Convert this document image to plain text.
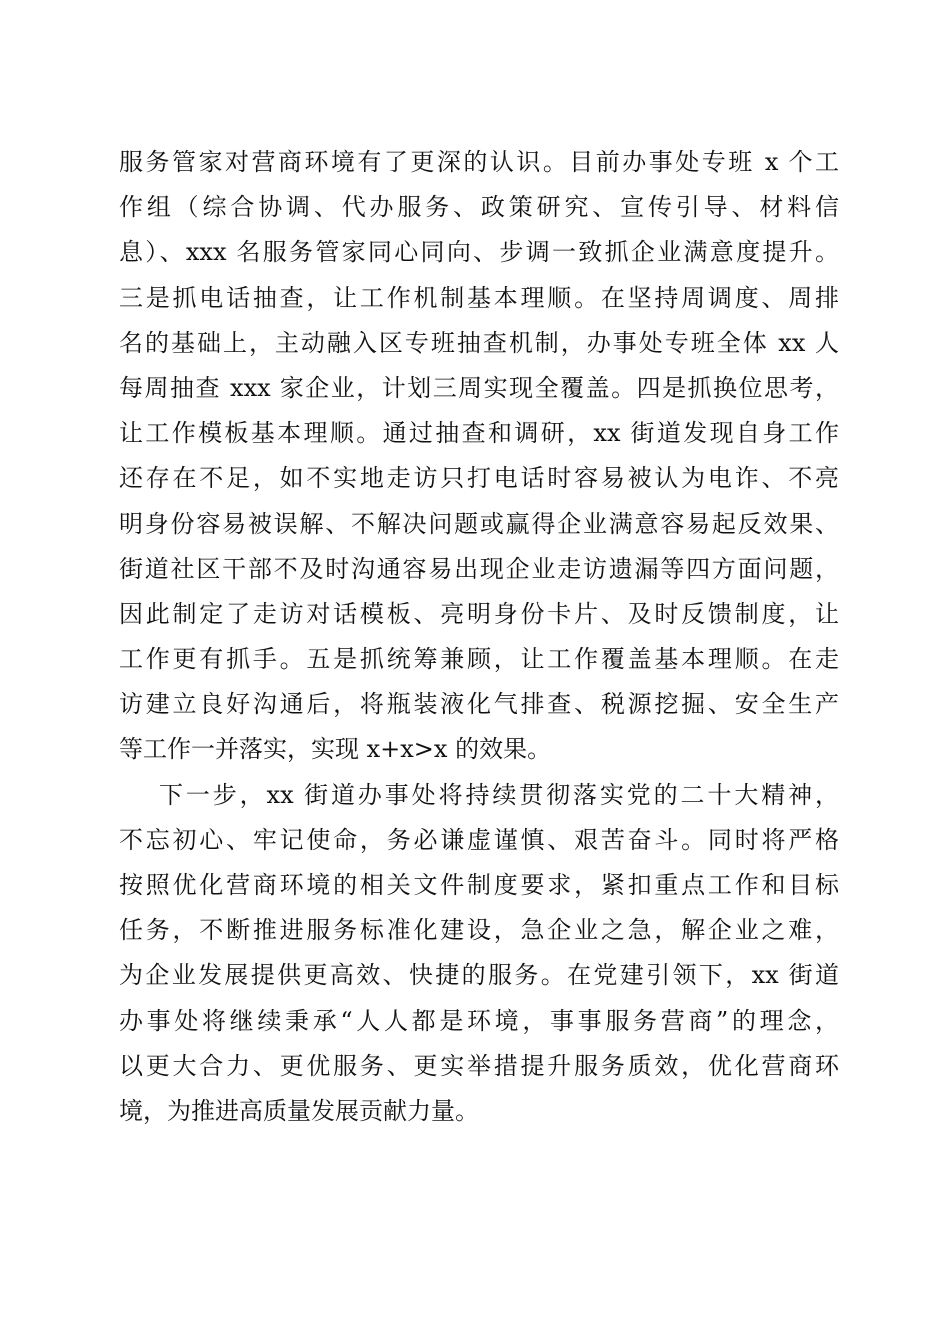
服务管家对营商环境有了更深的认识。目前办事处专班 x 个工
作组（综合协调、代办服务、政策研究、宣传引导、材料信
息）、xxx 名服务管家同心同向、步调一致抓企业满意度提升。
三是抓电话抽查，让工作机制基本理顺。在坚持周调度、周排
名的基础上，主动融入区专班抽查机制，办事处专班全体 xx 人
每周抽查 xxx 家企业，计划三周实现全覆盖。四是抓换位思考，
让工作模板基本理顺。通过抽查和调研，xx 街道发现自身工作
还存在不足，如不实地走访只打电话时容易被认为电诈、不亮
明身份容易被误解、不解决问题或赢得企业满意容易起反效果、
街道社区干部不及时沟通容易出现企业走访遗漏等四方面问题，
因此制定了走访对话模板、亮明身份卡片、及时反馈制度，让
工作更有抓手。五是抓统筹兼顾，让工作覆盖基本理顺。在走
访建立良好沟通后，将瓶装液化气排查、税源挖掘、安全生产
等工作一并落实，实现 x+x>x 的效果。
下一步，xx 街道办事处将持续贯彻落实党的二十大精神，
不忘初心、牢记使命，务必谦虚谨慎、艰苦奋斗。同时将严格
按照优化营商环境的相关文件制度要求，紧扣重点工作和目标
任务，不断推进服务标准化建设，急企业之急，解企业之难，
为企业发展提供更高效、快捷的服务。在党建引领下，xx 街道
办事处将继续秉承“人人都是环境，事事服务营商”的理念，
以更大合力、更优服务、更实举措提升服务质效，优化营商环
境，为推进高质量发展贡献力量。
